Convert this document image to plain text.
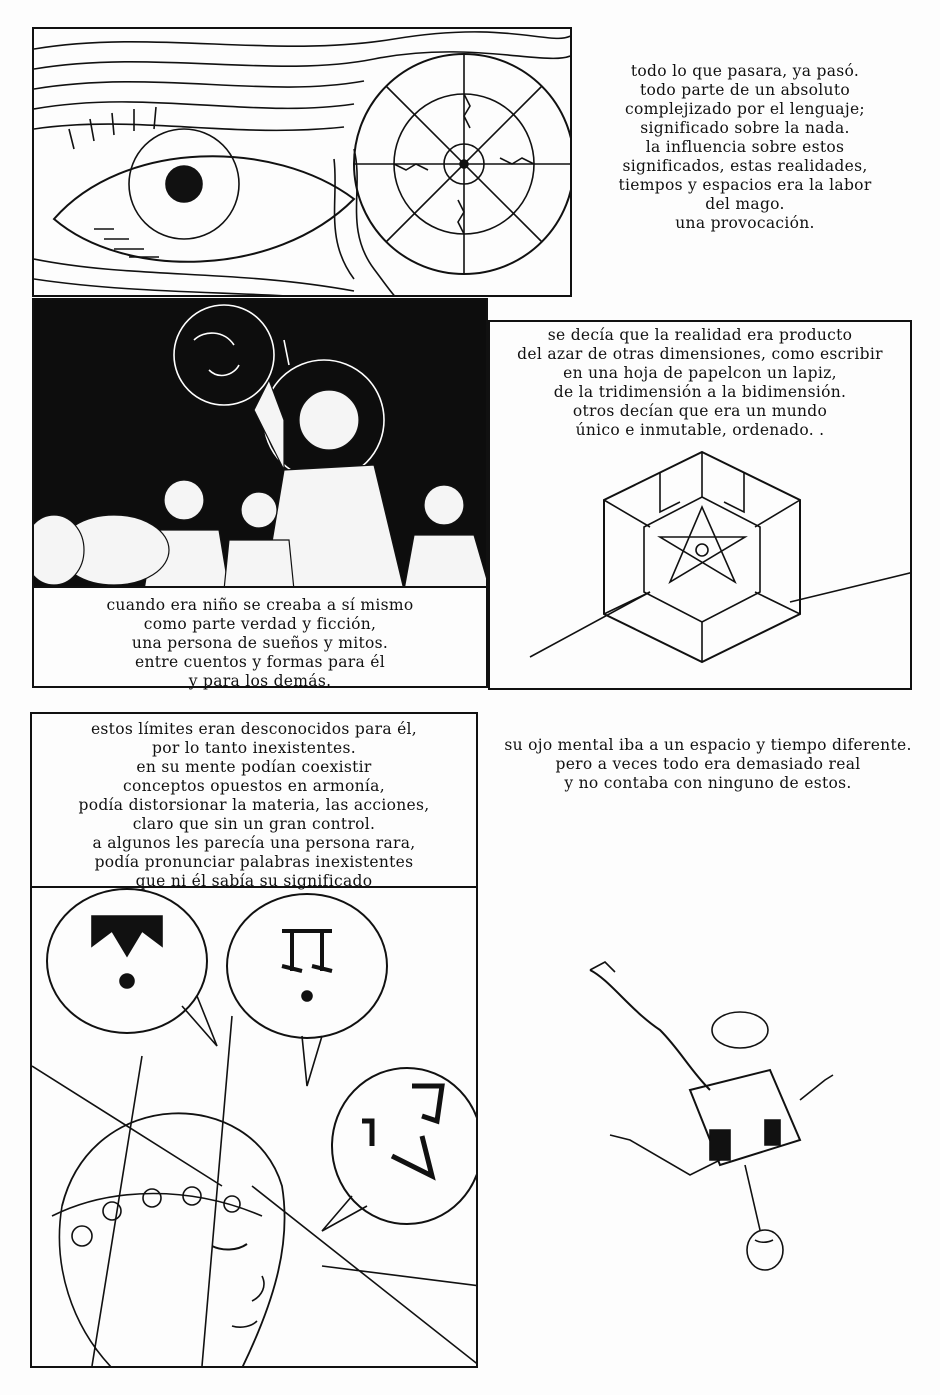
todo lo que pasara, ya pasó.
todo parte de un absoluto
complejizado por el lenguaje;
significado sobre la nada.
la influencia sobre estos
significados, estas realidades,
tiempos y espacios era la labor
del mago.
una provocación.
cuando era niño se creaba a sí mismo
como parte verdad y ficción,
una persona de sueños y mitos.
entre cuentos y formas para él
y para los demás.
se decía que la realidad era producto
del azar de otras dimensiones, como escribir
en una hoja de papelcon un lapiz,
de la tridimensión a la bidimensión.
otros decían que era un mundo
único e inmutable, ordenado. .
estos límites eran desconocidos para él,
por lo tanto inexistentes.
en su mente podían coexistir
conceptos opuestos en armonía,
podía distorsionar la materia, las acciones,
claro que sin un gran control.
a algunos les parecía una persona rara,
podía pronunciar palabras inexistentes
que ni él sabía su significado
su ojo mental iba a un espacio y tiempo diferente.
pero a veces todo era demasiado real
y no contaba con ninguno de estos.
